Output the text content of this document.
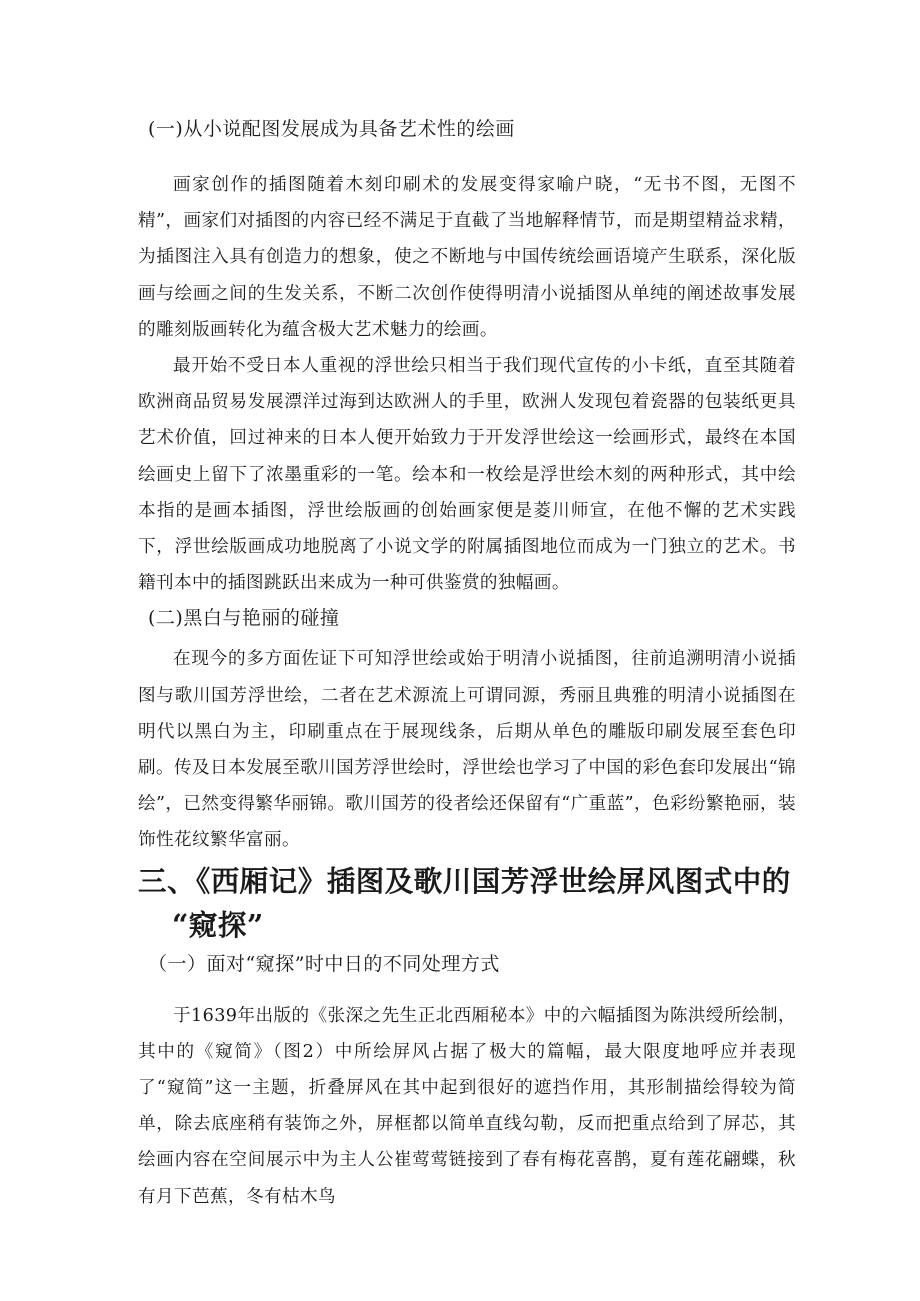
(一)从小说配图发展成为具备艺术性的绘画

画家创作的插图随着木刻印刷术的发展变得家喻户晓，“无书不图，无图不精”，画家们对插图的内容已经不满足于直截了当地解释情节，而是期望精益求精，为插图注入具有创造力的想象，使之不断地与中国传统绘画语境产生联系，深化版画与绘画之间的生发关系，不断二次创作使得明清小说插图从单纯的阐述故事发展的雕刻版画转化为蕴含极大艺术魅力的绘画。

最开始不受日本人重视的浮世绘只相当于我们现代宣传的小卡纸，直至其随着欧洲商品贸易发展漂洋过海到达欧洲人的手里，欧洲人发现包着瓷器的包装纸更具艺术价值，回过神来的日本人便开始致力于开发浮世绘这一绘画形式，最终在本国绘画史上留下了浓墨重彩的一笔。绘本和一枚绘是浮世绘木刻的两种形式，其中绘本指的是画本插图，浮世绘版画的创始画家便是菱川师宣，在他不懈的艺术实践下，浮世绘版画成功地脱离了小说文学的附属插图地位而成为一门独立的艺术。书籍刊本中的插图跳跃出来成为一种可供鉴赏的独幅画。

(二)黑白与艳丽的碰撞

在现今的多方面佐证下可知浮世绘或始于明清小说插图，往前追溯明清小说插图与歌川国芳浮世绘，二者在艺术源流上可谓同源，秀丽且典雅的明清小说插图在明代以黑白为主，印刷重点在于展现线条，后期从单色的雕版印刷发展至套色印刷。传及日本发展至歌川国芳浮世绘时，浮世绘也学习了中国的彩色套印发展出“锦绘”，已然变得繁华丽锦。歌川国芳的役者绘还保留有“广重蓝”，色彩纷繁艳丽，装饰性花纹繁华富丽。

三、《西厢记》插图及歌川国芳浮世绘屏风图式中的
“窥探”

（一）面对“窥探”时中日的不同处理方式

于1639年出版的《张深之先生正北西厢秘本》中的六幅插图为陈洪绶所绘制，其中的《窥简》（图2）中所绘屏风占据了极大的篇幅，最大限度地呼应并表现了“窥简”这一主题，折叠屏风在其中起到很好的遮挡作用，其形制描绘得较为简单，除去底座稍有装饰之外，屏框都以简单直线勾勒，反而把重点给到了屏芯，其绘画内容在空间展示中为主人公崔莺莺链接到了春有梅花喜鹊，夏有莲花翩蝶，秋有月下芭蕉，冬有枯木鸟
